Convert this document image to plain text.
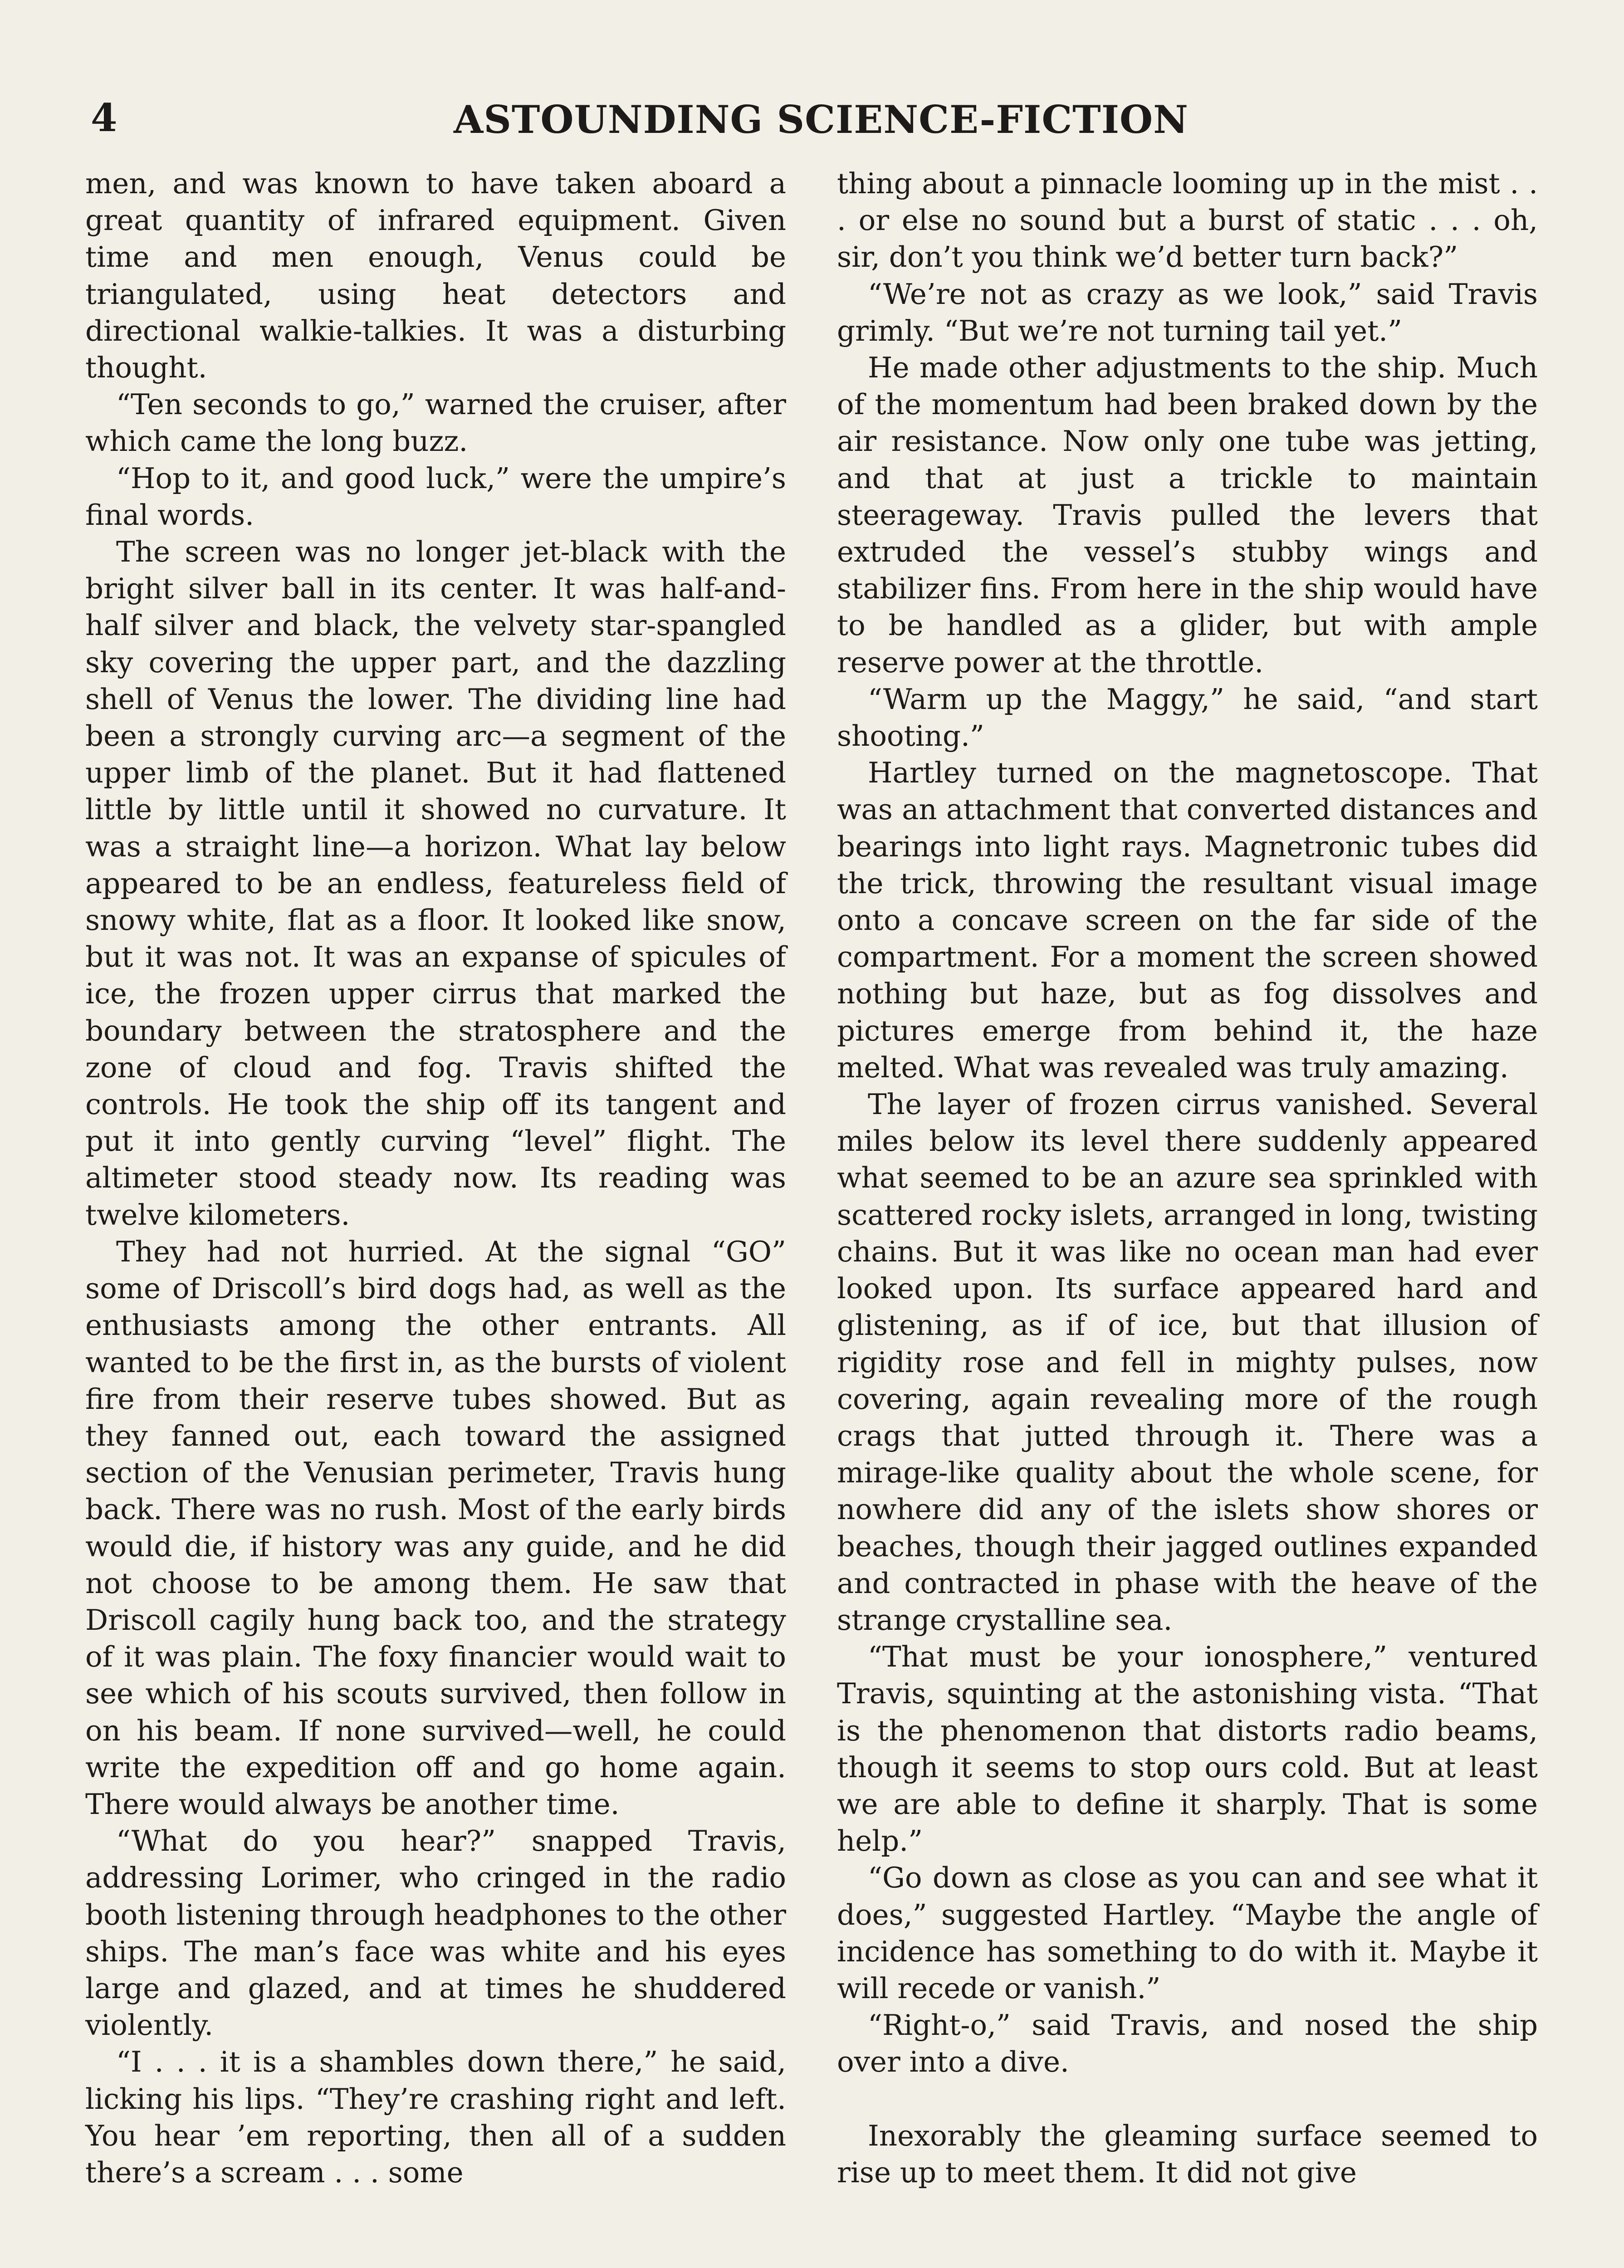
4	ASTOUNDING SCIENCE-FICTION

men, and was known to have taken aboard a great quantity of infrared equipment. Given time and men enough, Venus could be triangulated, using heat detectors and directional walkie-talkies. It was a disturbing thought.

“Ten seconds to go,” warned the cruiser, after which came the long buzz.

“Hop to it, and good luck,” were the umpire’s final words.

The screen was no longer jet-black with the bright silver ball in its center. It was half-and-half silver and black, the velvety star-spangled sky covering the upper part, and the dazzling shell of Venus the lower. The dividing line had been a strongly curving arc—a segment of the upper limb of the planet. But it had flattened little by little until it showed no curvature. It was a straight line—a horizon. What lay below appeared to be an endless, featureless field of snowy white, flat as a floor. It looked like snow, but it was not. It was an expanse of spicules of ice, the frozen upper cirrus that marked the boundary between the stratosphere and the zone of cloud and fog. Travis shifted the controls. He took the ship off its tangent and put it into gently curving “level” flight. The altimeter stood steady now. Its reading was twelve kilometers.

They had not hurried. At the signal “GO” some of Driscoll’s bird dogs had, as well as the enthusiasts among the other entrants. All wanted to be the first in, as the bursts of violent fire from their reserve tubes showed. But as they fanned out, each toward the assigned section of the Venusian perimeter, Travis hung back. There was no rush. Most of the early birds would die, if history was any guide, and he did not choose to be among them. He saw that Driscoll cagily hung back too, and the strategy of it was plain. The foxy financier would wait to see which of his scouts survived, then follow in on his beam. If none survived—well, he could write the expedition off and go home again. There would always be another time.

“What do you hear?” snapped Travis, addressing Lorimer, who cringed in the radio booth listening through headphones to the other ships. The man’s face was white and his eyes large and glazed, and at times he shuddered violently.

“I . . . it is a shambles down there,” he said, licking his lips. “They’re crashing right and left. You hear ’em reporting, then all of a sudden there’s a scream . . . some

thing about a pinnacle looming up in the mist . . . or else no sound but a burst of static . . . oh, sir, don’t you think we’d better turn back?”

“We’re not as crazy as we look,” said Travis grimly. “But we’re not turning tail yet.”

He made other adjustments to the ship. Much of the momentum had been braked down by the air resistance. Now only one tube was jetting, and that at just a trickle to maintain steerageway. Travis pulled the levers that extruded the vessel’s stubby wings and stabilizer fins. From here in the ship would have to be handled as a glider, but with ample reserve power at the throttle.

“Warm up the Maggy,” he said, “and start shooting.”

Hartley turned on the magnetoscope. That was an attachment that converted distances and bearings into light rays. Magnetronic tubes did the trick, throwing the resultant visual image onto a concave screen on the far side of the compartment. For a moment the screen showed nothing but haze, but as fog dissolves and pictures emerge from behind it, the haze melted. What was revealed was truly amazing.

The layer of frozen cirrus vanished. Several miles below its level there suddenly appeared what seemed to be an azure sea sprinkled with scattered rocky islets, arranged in long, twisting chains. But it was like no ocean man had ever looked upon. Its surface appeared hard and glistening, as if of ice, but that illusion of rigidity rose and fell in mighty pulses, now covering, again revealing more of the rough crags that jutted through it. There was a mirage-like quality about the whole scene, for nowhere did any of the islets show shores or beaches, though their jagged outlines expanded and contracted in phase with the heave of the strange crystalline sea.

“That must be your ionosphere,” ventured Travis, squinting at the astonishing vista. “That is the phenomenon that distorts radio beams, though it seems to stop ours cold. But at least we are able to define it sharply. That is some help.”

“Go down as close as you can and see what it does,” suggested Hartley. “Maybe the angle of incidence has something to do with it. Maybe it will recede or vanish.”

“Right-o,” said Travis, and nosed the ship over into a dive.

Inexorably the gleaming surface seemed to rise up to meet them. It did not give
